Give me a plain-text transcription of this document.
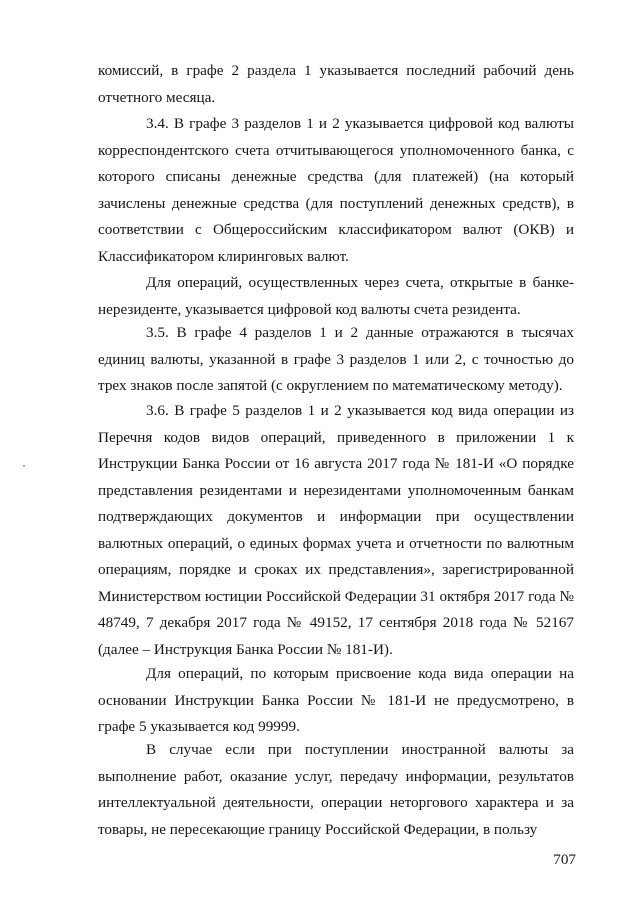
комиссий, в графе 2 раздела 1 указывается последний рабочий день отчетного месяца.

3.4. В графе 3 разделов 1 и 2 указывается цифровой код валюты корреспондентского счета отчитывающегося уполномоченного банка, с которого списаны денежные средства (для платежей) (на который зачислены денежные средства (для поступлений денежных средств), в соответствии с Общероссийским классификатором валют (ОКВ) и Классификатором клиринговых валют.

Для операций, осуществленных через счета, открытые в банке-нерезиденте, указывается цифровой код валюты счета резидента.

3.5. В графе 4 разделов 1 и 2 данные отражаются в тысячах единиц валюты, указанной в графе 3 разделов 1 или 2, с точностью до трех знаков после запятой (с округлением по математическому методу).

3.6. В графе 5 разделов 1 и 2 указывается код вида операции из Перечня кодов видов операций, приведенного в приложении 1 к Инструкции Банка России от 16 августа 2017 года № 181-И «О порядке представления резидентами и нерезидентами уполномоченным банкам подтверждающих документов и информации при осуществлении валютных операций, о единых формах учета и отчетности по валютным операциям, порядке и сроках их представления», зарегистрированной Министерством юстиции Российской Федерации 31 октября 2017 года № 48749, 7 декабря 2017 года № 49152, 17 сентября 2018 года № 52167 (далее – Инструкция Банка России № 181-И).

Для операций, по которым присвоение кода вида операции на основании Инструкции Банка России № 181-И не предусмотрено, в графе 5 указывается код 99999.

В случае если при поступлении иностранной валюты за выполнение работ, оказание услуг, передачу информации, результатов интеллектуальной деятельности, операции неторгового характера и за товары, не пересекающие границу Российской Федерации, в пользу

707
